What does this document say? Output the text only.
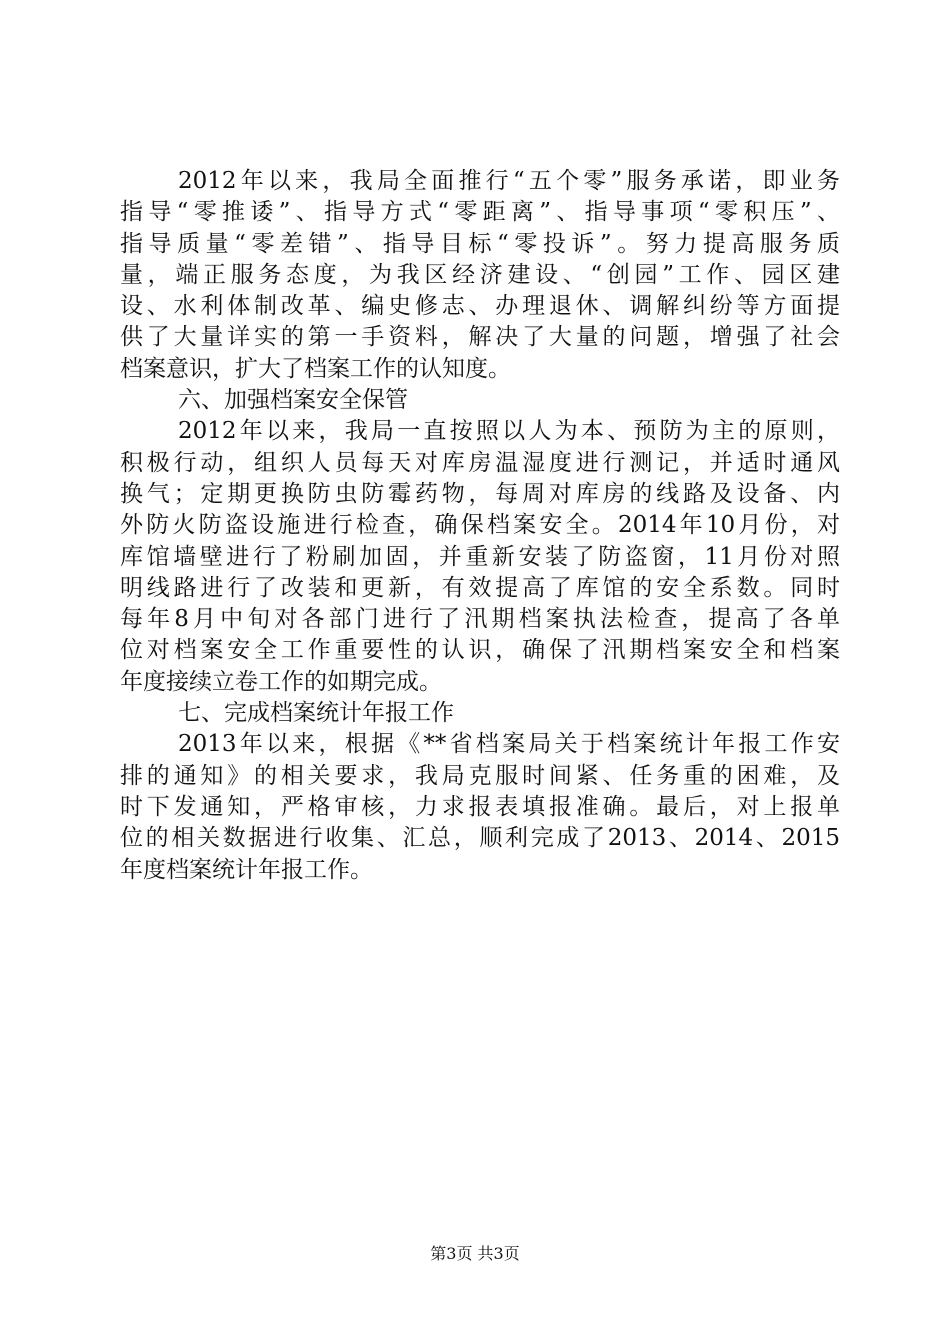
2012年以来，我局全面推行“五个零”服务承诺，即业务
指导“零推诿”、指导方式“零距离”、指导事项“零积压”、
指导质量“零差错”、指导目标“零投诉”。努力提高服务质
量，端正服务态度，为我区经济建设、“创园”工作、园区建
设、水利体制改革、编史修志、办理退休、调解纠纷等方面提
供了大量详实的第一手资料，解决了大量的问题，增强了社会
档案意识，扩大了档案工作的认知度。
六、加强档案安全保管
2012年以来，我局一直按照以人为本、预防为主的原则，
积极行动，组织人员每天对库房温湿度进行测记，并适时通风
换气；定期更换防虫防霉药物，每周对库房的线路及设备、内
外防火防盗设施进行检查，确保档案安全。2014年10月份，对
库馆墙壁进行了粉刷加固，并重新安装了防盗窗，11月份对照
明线路进行了改装和更新，有效提高了库馆的安全系数。同时
每年8月中旬对各部门进行了汛期档案执法检查，提高了各单
位对档案安全工作重要性的认识，确保了汛期档案安全和档案
年度接续立卷工作的如期完成。
七、完成档案统计年报工作
2013年以来，根据《**省档案局关于档案统计年报工作安
排的通知》的相关要求，我局克服时间紧、任务重的困难，及
时下发通知，严格审核，力求报表填报准确。最后，对上报单
位的相关数据进行收集、汇总，顺利完成了2013、2014、2015
年度档案统计年报工作。
第3页 共3页
